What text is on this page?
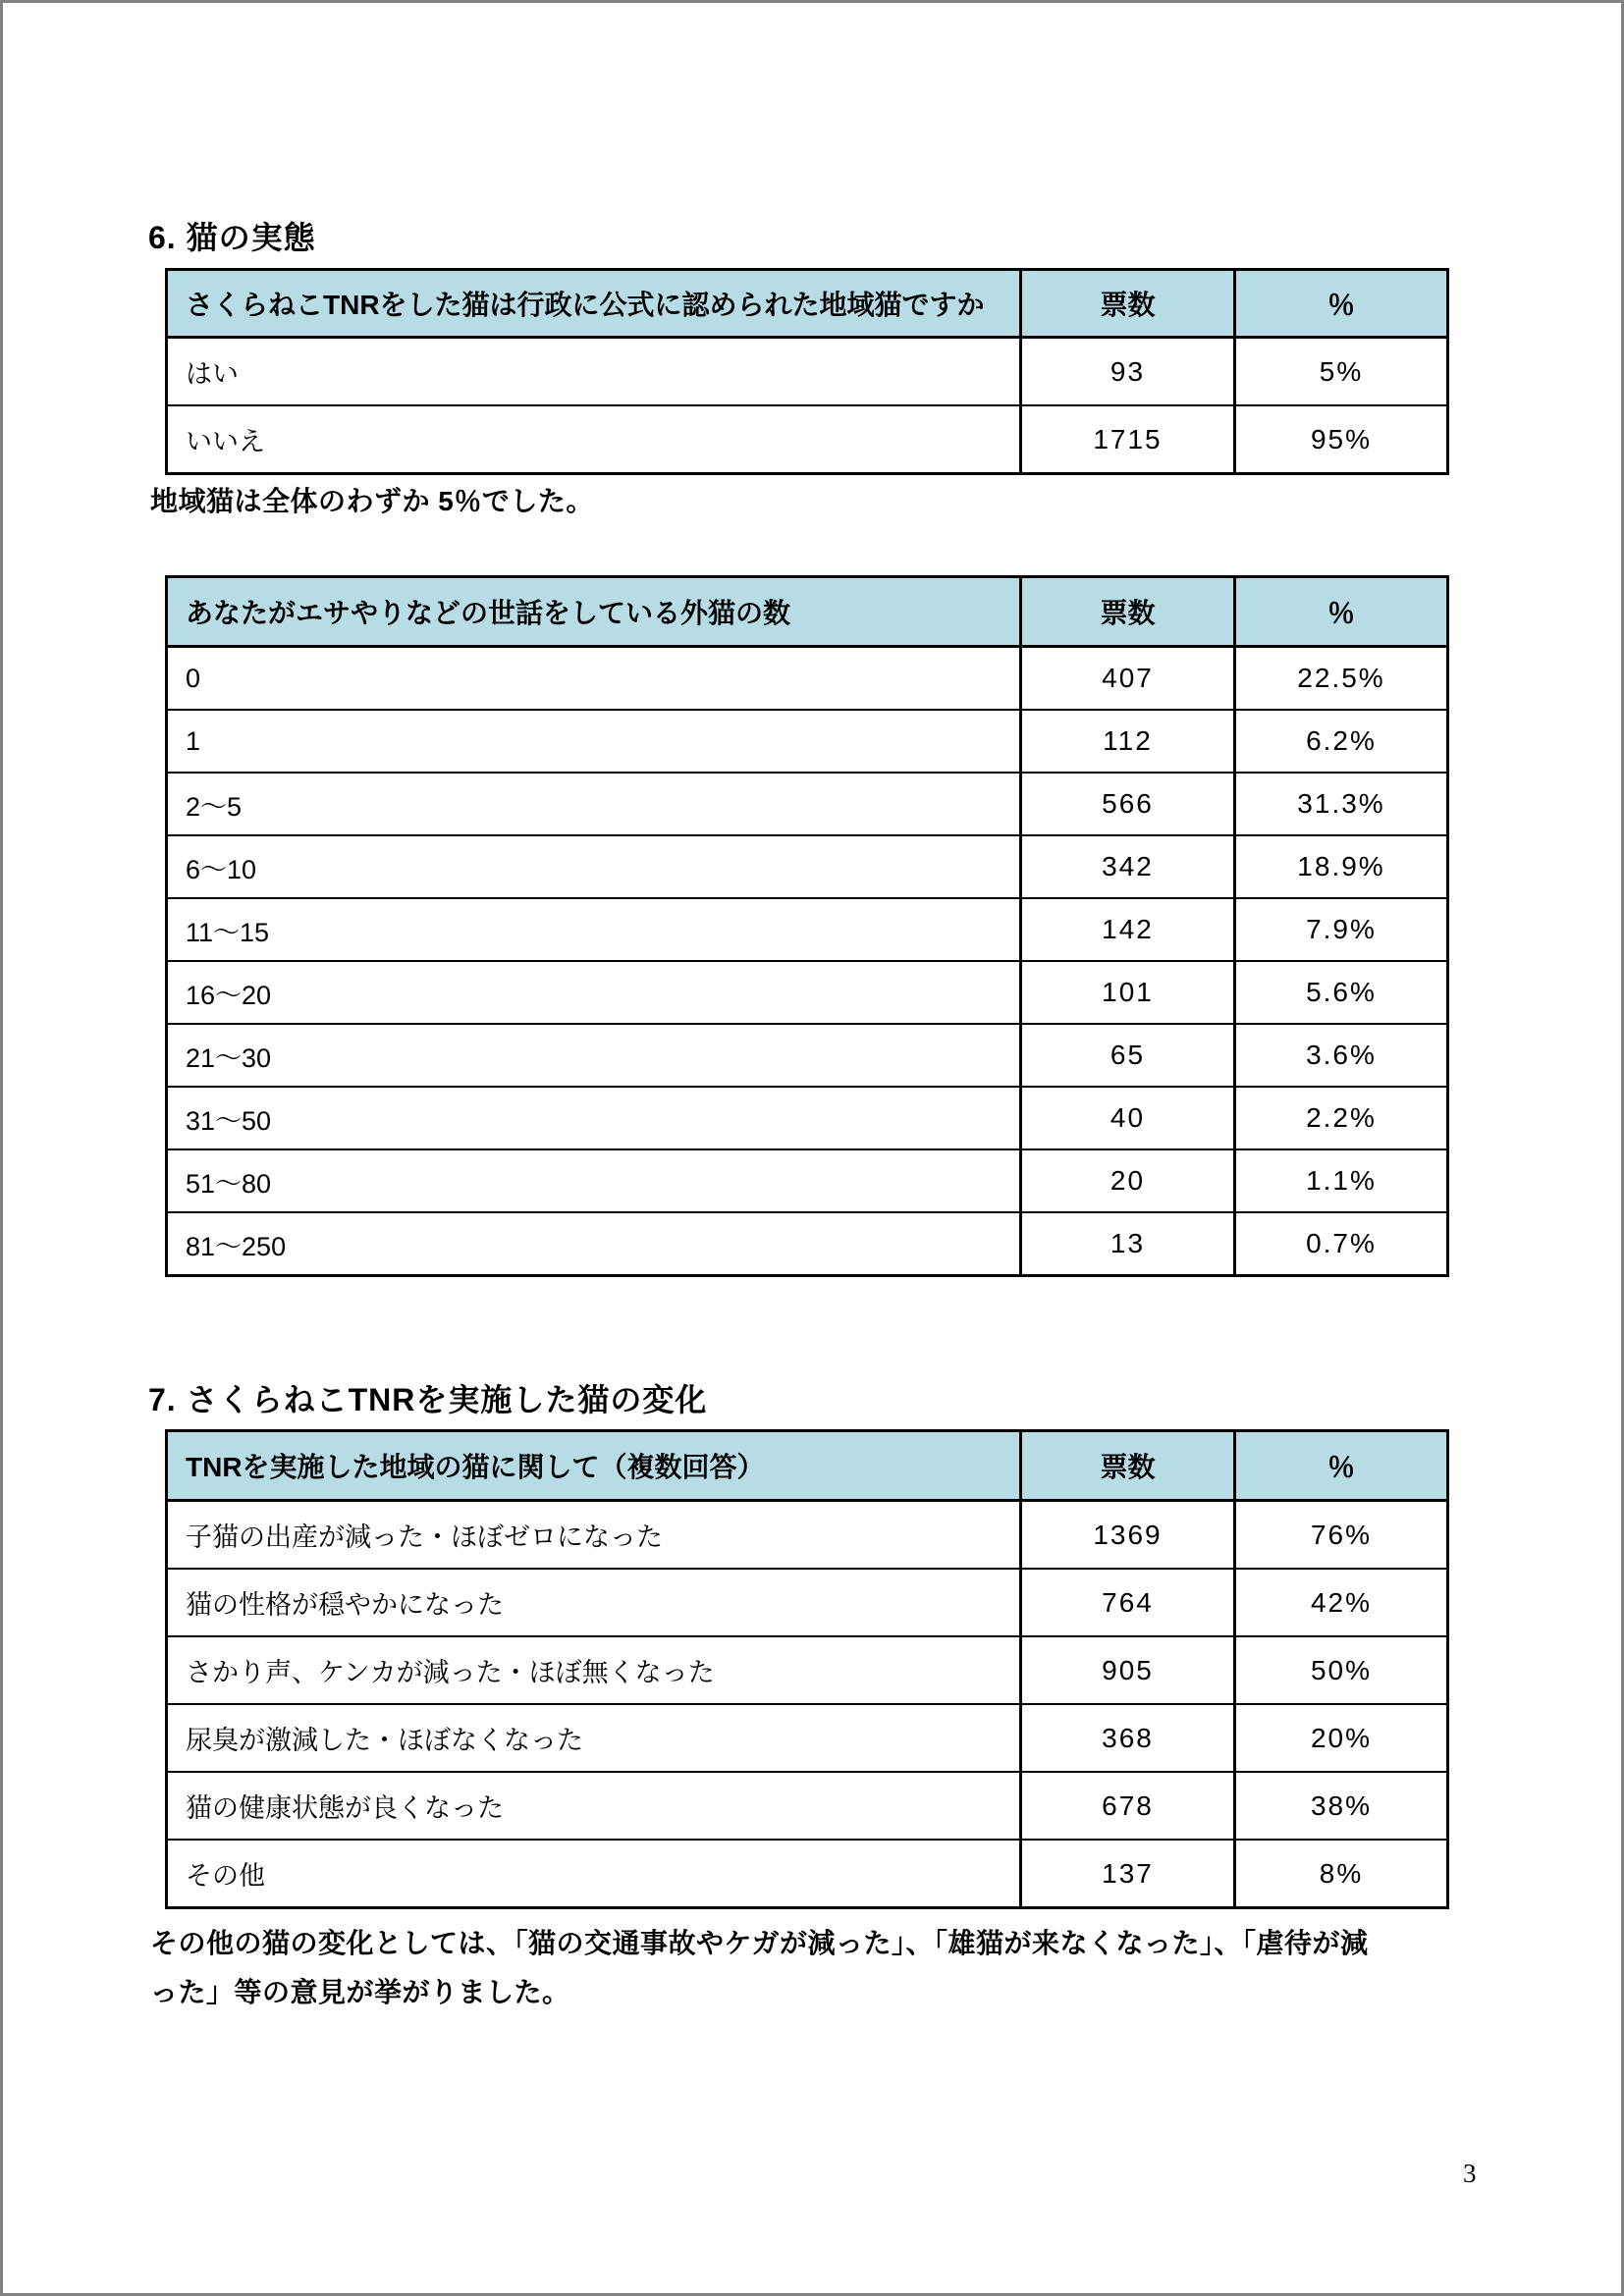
6. 猫の実態
さくらねこTNRをした猫は行政に公式に認められた地域猫ですか	票数	％
はい	93	5%
いいえ	1715	95%
地域猫は全体のわずか 5％でした。
あなたがエサやりなどの世話をしている外猫の数	票数	％
0	407	22.5%
1	112	6.2%
2〜5	566	31.3%
6〜10	342	18.9%
11〜15	142	7.9%
16〜20	101	5.6%
21〜30	65	3.6%
31〜50	40	2.2%
51〜80	20	1.1%
81〜250	13	0.7%
7. さくらねこTNRを実施した猫の変化
TNRを実施した地域の猫に関して（複数回答）	票数	％
子猫の出産が減った・ほぼゼロになった	1369	76%
猫の性格が穏やかになった	764	42%
さかり声、ケンカが減った・ほぼ無くなった	905	50%
尿臭が激減した・ほぼなくなった	368	20%
猫の健康状態が良くなった	678	38%
その他	137	8%
その他の猫の変化としては、「猫の交通事故やケガが減った」、「雄猫が来なくなった」、「虐待が減
った」等の意見が挙がりました。
3
